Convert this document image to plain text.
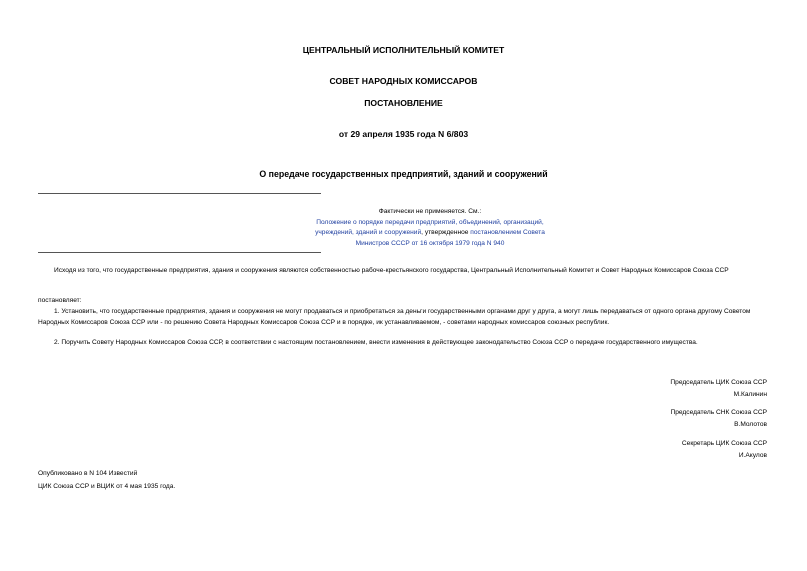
ЦЕНТРАЛЬНЫЙ ИСПОЛНИТЕЛЬНЫЙ КОМИТЕТ
СОВЕТ НАРОДНЫХ КОМИССАРОВ
ПОСТАНОВЛЕНИЕ
от 29 апреля 1935 года N 6/803
О передаче государственных предприятий, зданий и сооружений
Фактически не применяется. См.:
Положение о порядке передачи предприятий, объединений, организаций,
учреждений, зданий и сооружений, утвержденное постановлением Совета
Министров СССР от 16 октября 1979 года N 940
Исходя из того, что государственные предприятия, здания и сооружения являются собственностью рабоче-крестьянского государства, Центральный Исполнительный Комитет и Совет Народных Комиссаров Союза ССР
постановляет:
1. Установить, что государственные предприятия, здания и сооружения не могут продаваться и приобретаться за деньги государственными органами друг у друга, а могут лишь передаваться от одного органа другому Советом Народных Комиссаров Союза ССР или - по решению Совета Народных Комиссаров Союза ССР и в порядке, ик устанавливаемом, - советами народных комиссаров союзных республик.
2. Поручить Совету Народных Комиссаров Союза ССР, в соответствии с настоящим постановлением, внести изменения в действующее законодательство Союза ССР о передаче государственного имущества.
Председатель ЦИК Союза ССР
М.Калинин
Председатель СНК Союза ССР
В.Молотов
Секретарь ЦИК Союза ССР
И.Акулов
Опубликовано в N 104 Известий
ЦИК Союза ССР и ВЦИК от 4 мая 1935 года.
